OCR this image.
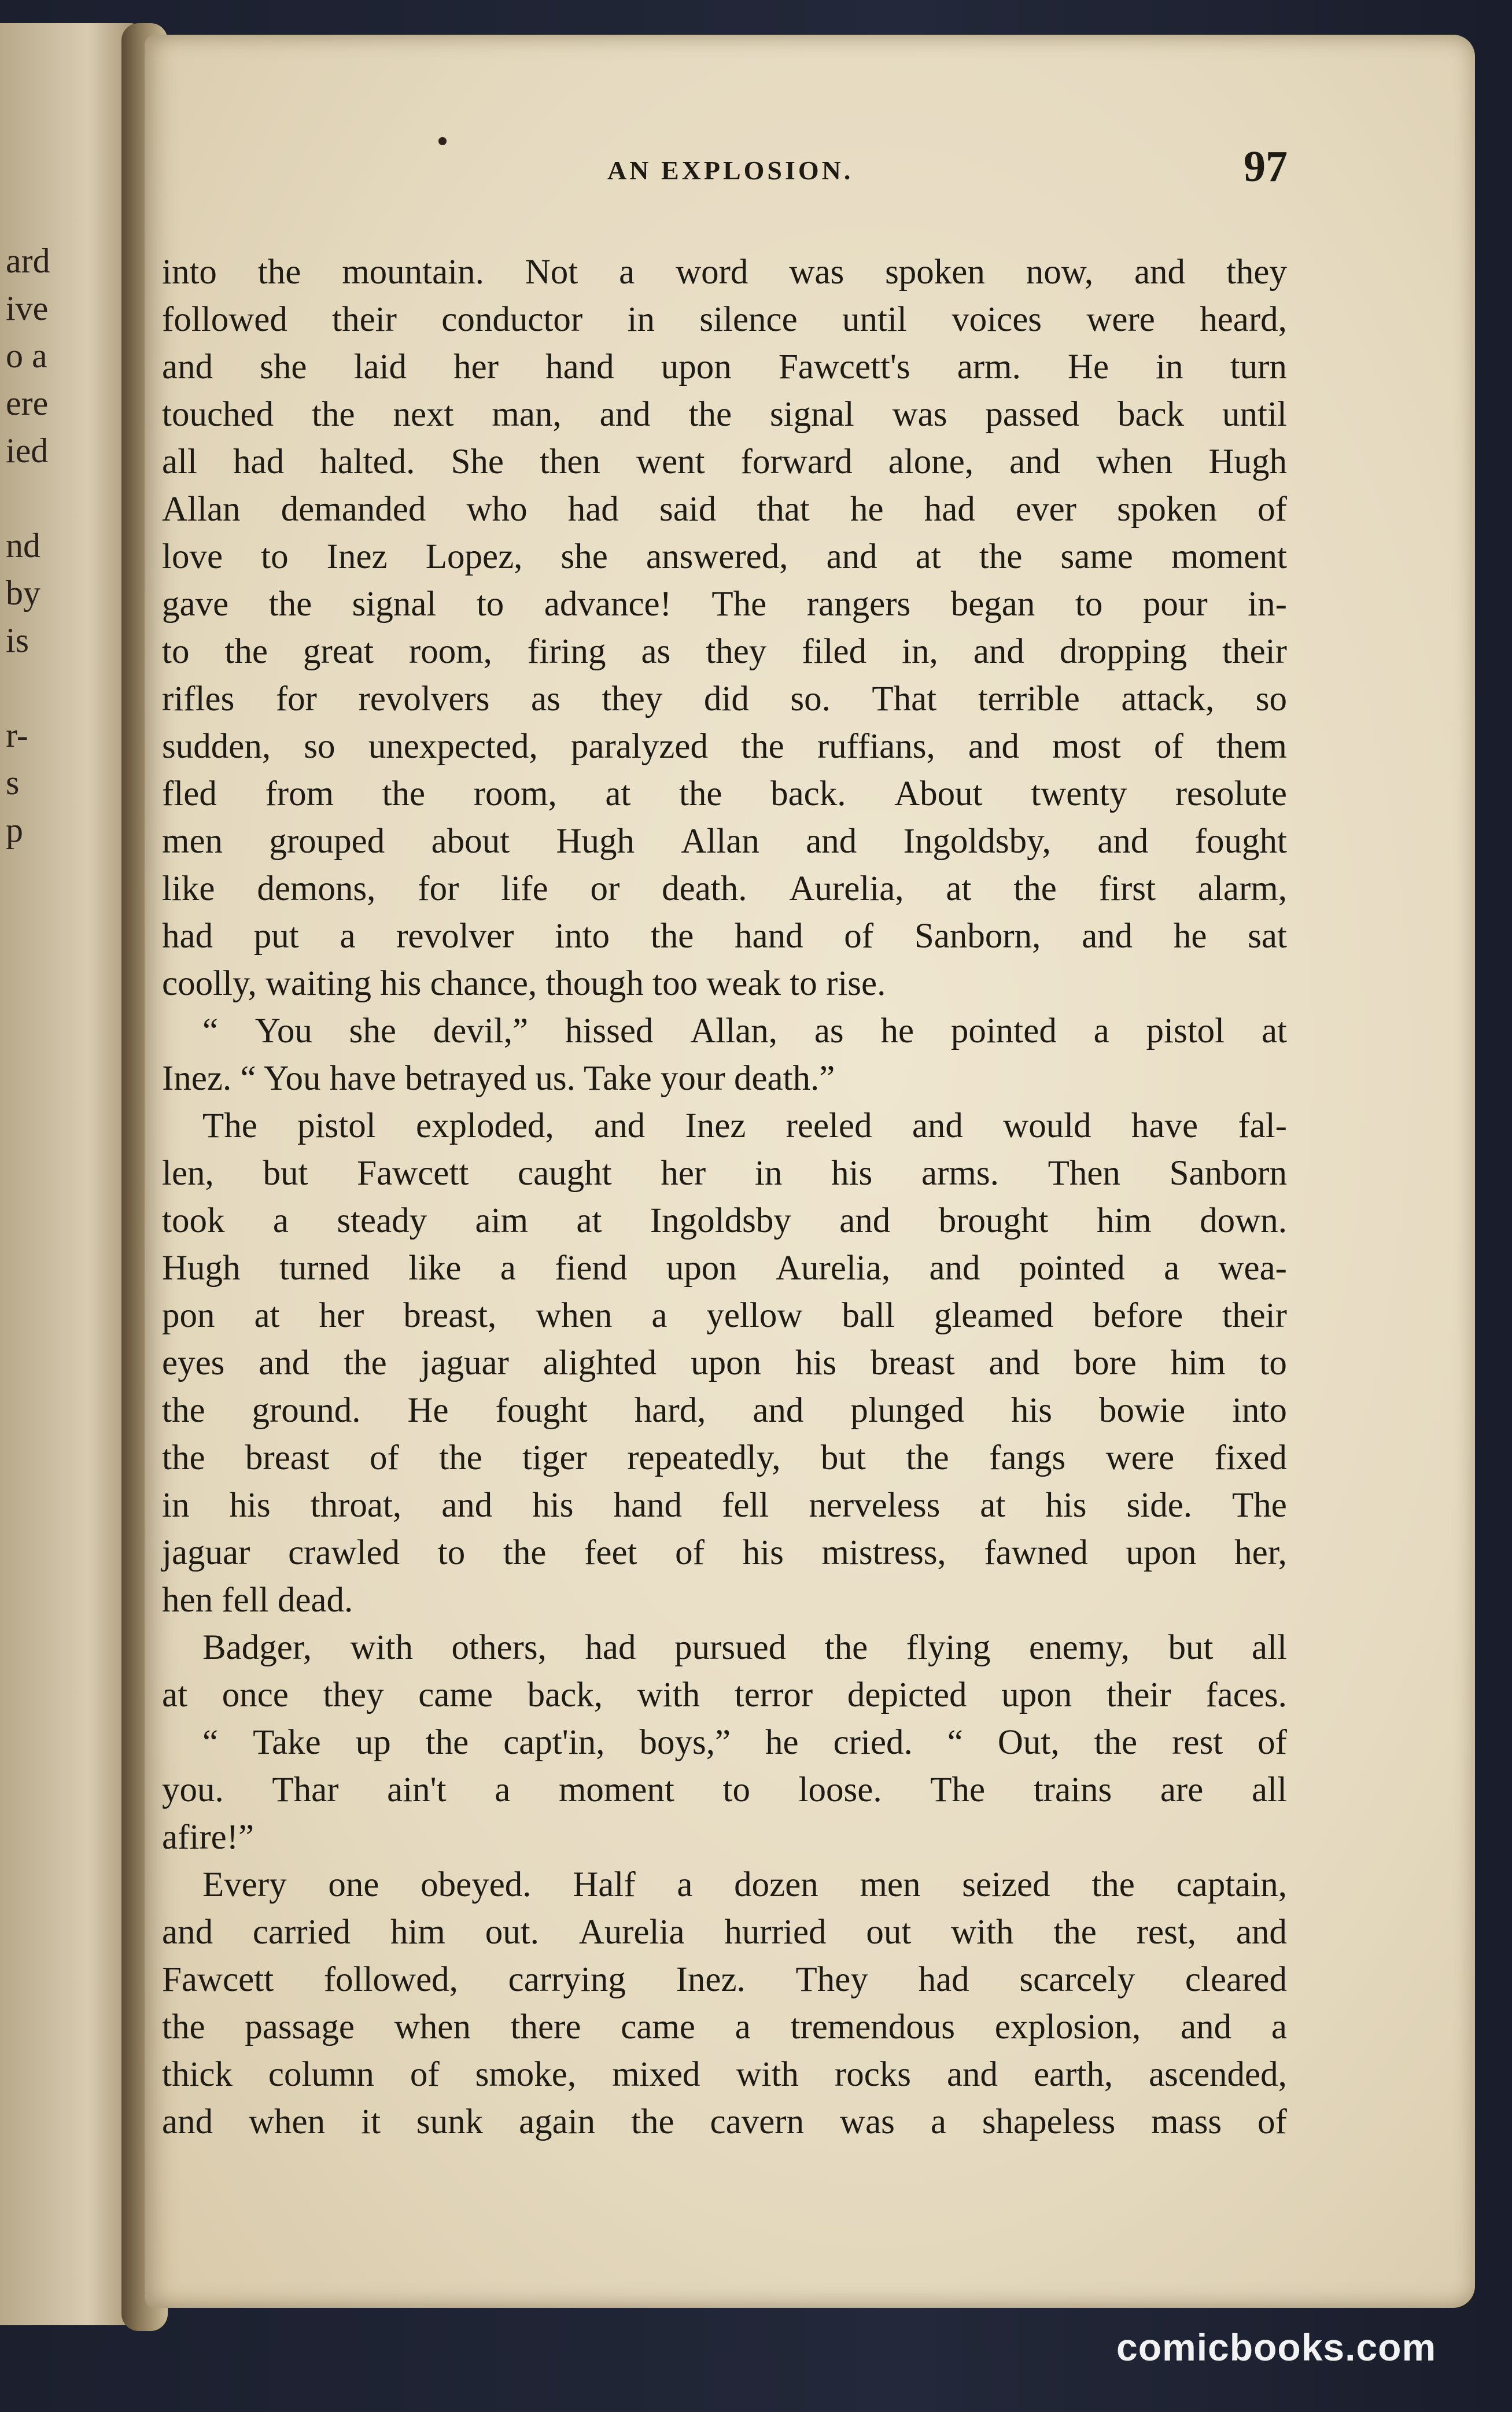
ard
ive
o a
ere
ied
nd
by
is
r-
s
p
AN EXPLOSION.	97
into the mountain. Not a word was spoken now, and they
followed their conductor in silence until voices were heard,
and she laid her hand upon Fawcett's arm. He in turn
touched the next man, and the signal was passed back until
all had halted. She then went forward alone, and when Hugh
Allan demanded who had said that he had ever spoken of
love to Inez Lopez, she answered, and at the same moment
gave the signal to advance! The rangers began to pour in-
to the great room, firing as they filed in, and dropping their
rifles for revolvers as they did so. That terrible attack, so
sudden, so unexpected, paralyzed the ruffians, and most of them
fled from the room, at the back. About twenty resolute
men grouped about Hugh Allan and Ingoldsby, and fought
like demons, for life or death. Aurelia, at the first alarm,
had put a revolver into the hand of Sanborn, and he sat
coolly, waiting his chance, though too weak to rise.
“ You she devil,” hissed Allan, as he pointed a pistol at
Inez. “ You have betrayed us. Take your death.”
The pistol exploded, and Inez reeled and would have fal-
len, but Fawcett caught her in his arms. Then Sanborn
took a steady aim at Ingoldsby and brought him down.
Hugh turned like a fiend upon Aurelia, and pointed a wea-
pon at her breast, when a yellow ball gleamed before their
eyes and the jaguar alighted upon his breast and bore him to
the ground. He fought hard, and plunged his bowie into
the breast of the tiger repeatedly, but the fangs were fixed
in his throat, and his hand fell nerveless at his side. The
jaguar crawled to the feet of his mistress, fawned upon her,
hen fell dead.
Badger, with others, had pursued the flying enemy, but all
at once they came back, with terror depicted upon their faces.
“ Take up the capt'in, boys,” he cried. “ Out, the rest of
you. Thar ain't a moment to loose. The trains are all
afire!”
Every one obeyed. Half a dozen men seized the captain,
and carried him out. Aurelia hurried out with the rest, and
Fawcett followed, carrying Inez. They had scarcely cleared
the passage when there came a tremendous explosion, and a
thick column of smoke, mixed with rocks and earth, ascended,
and when it sunk again the cavern was a shapeless mass of
comicbooks.com
